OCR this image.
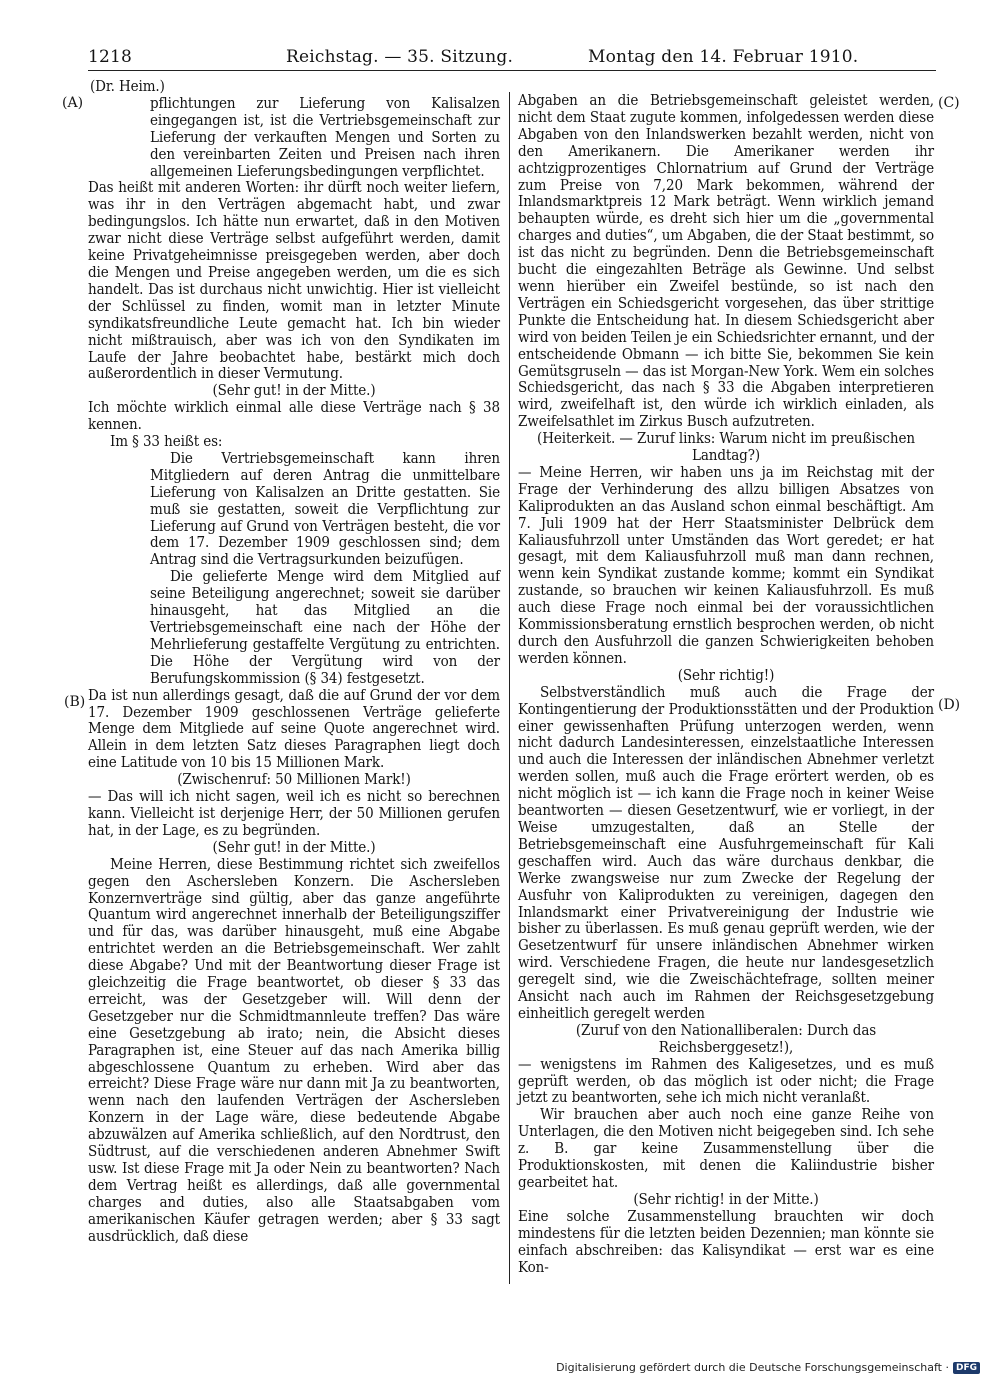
1218	Reichstag. — 35. Sitzung.	Montag den 14. Februar 1910.
(A)
(B)
(C)
(D)

(Dr. Heim.)

pflichtungen zur Lieferung von Kalisalzen eingegangen ist, ist die Vertriebsgemeinschaft zur Lieferung der verkauften Mengen und Sorten zu den vereinbarten Zeiten und Preisen nach ihren allgemeinen Lieferungsbedingungen verpflichtet.

Das heißt mit anderen Worten: ihr dürft noch weiter liefern, was ihr in den Verträgen abgemacht habt, und zwar bedingungslos. Ich hätte nun erwartet, daß in den Motiven zwar nicht diese Verträge selbst aufgeführt werden, damit keine Privatgeheimnisse preisgegeben werden, aber doch die Mengen und Preise angegeben werden, um die es sich handelt. Das ist durchaus nicht unwichtig. Hier ist vielleicht der Schlüssel zu finden, womit man in letzter Minute syndikatsfreundliche Leute gemacht hat. Ich bin wieder nicht mißtrauisch, aber was ich von den Syndikaten im Laufe der Jahre beobachtet habe, bestärkt mich doch außerordentlich in dieser Vermutung.

(Sehr gut! in der Mitte.)

Ich möchte wirklich einmal alle diese Verträge nach § 38 kennen.

Im § 33 heißt es:

Die Vertriebsgemeinschaft kann ihren Mitgliedern auf deren Antrag die unmittelbare Lieferung von Kalisalzen an Dritte gestatten. Sie muß sie gestatten, soweit die Verpflichtung zur Lieferung auf Grund von Verträgen besteht, die vor dem 17. Dezember 1909 geschlossen sind; dem Antrag sind die Vertragsurkunden beizufügen.

Die gelieferte Menge wird dem Mitglied auf seine Beteiligung angerechnet; soweit sie darüber hinausgeht, hat das Mitglied an die Vertriebsgemeinschaft eine nach der Höhe der Mehrlieferung gestaffelte Vergütung zu entrichten. Die Höhe der Vergütung wird von der Berufungskommission (§ 34) festgesetzt.

Da ist nun allerdings gesagt, daß die auf Grund der vor dem 17. Dezember 1909 geschlossenen Verträge gelieferte Menge dem Mitgliede auf seine Quote angerechnet wird. Allein in dem letzten Satz dieses Paragraphen liegt doch eine Latitude von 10 bis 15 Millionen Mark.

(Zwischenruf: 50 Millionen Mark!)

— Das will ich nicht sagen, weil ich es nicht so berechnen kann. Vielleicht ist derjenige Herr, der 50 Millionen gerufen hat, in der Lage, es zu begründen.

(Sehr gut! in der Mitte.)

Meine Herren, diese Bestimmung richtet sich zweifellos gegen den Aschersleben Konzern. Die Aschersleben Konzernverträge sind gültig, aber das ganze angeführte Quantum wird angerechnet innerhalb der Beteiligungsziffer und für das, was darüber hinausgeht, muß eine Abgabe entrichtet werden an die Betriebsgemeinschaft. Wer zahlt diese Abgabe? Und mit der Beantwortung dieser Frage ist gleichzeitig die Frage beantwortet, ob dieser § 33 das erreicht, was der Gesetzgeber will. Will denn der Gesetzgeber nur die Schmidtmannleute treffen? Das wäre eine Gesetzgebung ab irato; nein, die Absicht dieses Paragraphen ist, eine Steuer auf das nach Amerika billig abgeschlossene Quantum zu erheben. Wird aber das erreicht? Diese Frage wäre nur dann mit Ja zu beantworten, wenn nach den laufenden Verträgen der Aschersleben Konzern in der Lage wäre, diese bedeutende Abgabe abzuwälzen auf Amerika schließlich, auf den Nordtrust, den Südtrust, auf die verschiedenen anderen Abnehmer Swift usw. Ist diese Frage mit Ja oder Nein zu beantworten? Nach dem Vertrag heißt es allerdings, daß alle governmental charges and duties, also alle Staatsabgaben vom amerikanischen Käufer getragen werden; aber § 33 sagt ausdrücklich, daß diese

Abgaben an die Betriebsgemeinschaft geleistet werden, nicht dem Staat zugute kommen, infolgedessen werden diese Abgaben von den Inlandswerken bezahlt werden, nicht von den Amerikanern. Die Amerikaner werden ihr achtzigprozentiges Chlornatrium auf Grund der Verträge zum Preise von 7,20 Mark bekommen, während der Inlandsmarktpreis 12 Mark beträgt. Wenn wirklich jemand behaupten würde, es dreht sich hier um die „governmental charges and duties“, um Abgaben, die der Staat bestimmt, so ist das nicht zu begründen. Denn die Betriebsgemeinschaft bucht die eingezahlten Beträge als Gewinne. Und selbst wenn hierüber ein Zweifel bestünde, so ist nach den Verträgen ein Schiedsgericht vorgesehen, das über strittige Punkte die Entscheidung hat. In diesem Schiedsgericht aber wird von beiden Teilen je ein Schiedsrichter ernannt, und der entscheidende Obmann — ich bitte Sie, bekommen Sie kein Gemütsgruseln — das ist Morgan-New York. Wem ein solches Schiedsgericht, das nach § 33 die Abgaben interpretieren wird, zweifelhaft ist, den würde ich wirklich einladen, als Zweifelsathlet im Zirkus Busch aufzutreten.

(Heiterkeit. — Zuruf links: Warum nicht im preußischen Landtag?)

— Meine Herren, wir haben uns ja im Reichstag mit der Frage der Verhinderung des allzu billigen Absatzes von Kaliprodukten an das Ausland schon einmal beschäftigt. Am 7. Juli 1909 hat der Herr Staatsminister Delbrück dem Kaliausfuhrzoll unter Umständen das Wort geredet; er hat gesagt, mit dem Kaliausfuhrzoll muß man dann rechnen, wenn kein Syndikat zustande komme; kommt ein Syndikat zustande, so brauchen wir keinen Kaliausfuhrzoll. Es muß auch diese Frage noch einmal bei der voraussichtlichen Kommissionsberatung ernstlich besprochen werden, ob nicht durch den Ausfuhrzoll die ganzen Schwierigkeiten behoben werden können.

(Sehr richtig!)

Selbstverständlich muß auch die Frage der Kontingentierung der Produktionsstätten und der Produktion einer gewissenhaften Prüfung unterzogen werden, wenn nicht dadurch Landesinteressen, einzelstaatliche Interessen und auch die Interessen der inländischen Abnehmer verletzt werden sollen, muß auch die Frage erörtert werden, ob es nicht möglich ist — ich kann die Frage noch in keiner Weise beantworten — diesen Gesetzentwurf, wie er vorliegt, in der Weise umzugestalten, daß an Stelle der Betriebsgemeinschaft eine Ausfuhrgemeinschaft für Kali geschaffen wird. Auch das wäre durchaus denkbar, die Werke zwangsweise nur zum Zwecke der Regelung der Ausfuhr von Kaliprodukten zu vereinigen, dagegen den Inlandsmarkt einer Privatvereinigung der Industrie wie bisher zu überlassen. Es muß genau geprüft werden, wie der Gesetzentwurf für unsere inländischen Abnehmer wirken wird. Verschiedene Fragen, die heute nur landesgesetzlich geregelt sind, wie die Zweischächtefrage, sollten meiner Ansicht nach auch im Rahmen der Reichsgesetzgebung einheitlich geregelt werden

(Zuruf von den Nationalliberalen: Durch das Reichsberggesetz!),

— wenigstens im Rahmen des Kaligesetzes, und es muß geprüft werden, ob das möglich ist oder nicht; die Frage jetzt zu beantworten, sehe ich mich nicht veranlaßt.

Wir brauchen aber auch noch eine ganze Reihe von Unterlagen, die den Motiven nicht beigegeben sind. Ich sehe z. B. gar keine Zusammenstellung über die Produktionskosten, mit denen die Kaliindustrie bisher gearbeitet hat.

(Sehr richtig! in der Mitte.)

Eine solche Zusammenstellung brauchten wir doch mindestens für die letzten beiden Dezennien; man könnte sie einfach abschreiben: das Kalisyndikat — erst war es eine Kon-

Digitalisierung gefördert durch die Deutsche Forschungsgemeinschaft · DFG
